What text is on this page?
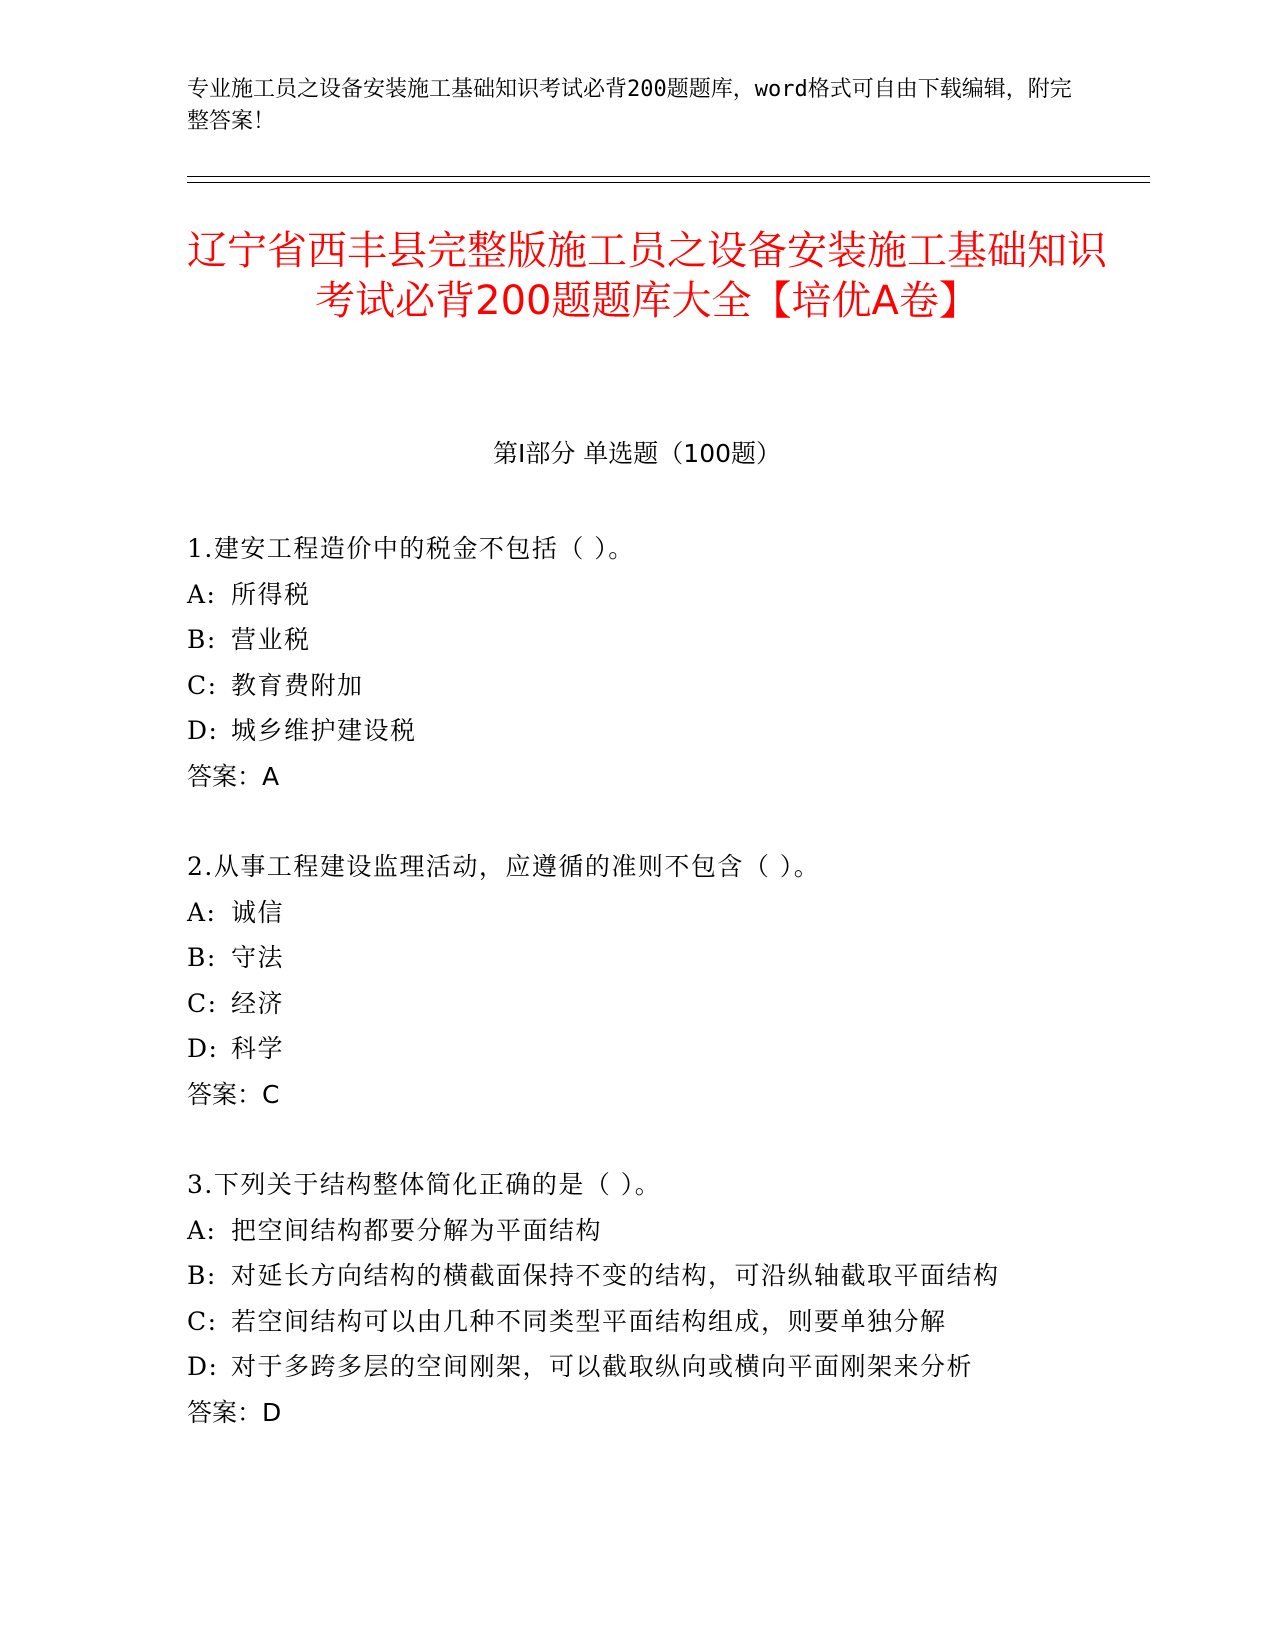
专业施工员之设备安装施工基础知识考试必背200题题库，word格式可自由下载编辑，附完整答案！
辽宁省西丰县完整版施工员之设备安装施工基础知识考试必背200题题库大全【培优A卷】
第I部分 单选题（100题）
1.建安工程造价中的税金不包括（ ）。
A: 所得税
B: 营业税
C: 教育费附加
D: 城乡维护建设税
答案：A
2.从事工程建设监理活动，应遵循的准则不包含（ ）。
A: 诚信
B: 守法
C: 经济
D: 科学
答案：C
3.下列关于结构整体简化正确的是（ ）。
A: 把空间结构都要分解为平面结构
B: 对延长方向结构的横截面保持不变的结构，可沿纵轴截取平面结构
C: 若空间结构可以由几种不同类型平面结构组成，则要单独分解
D: 对于多跨多层的空间刚架，可以截取纵向或横向平面刚架来分析
答案：D
